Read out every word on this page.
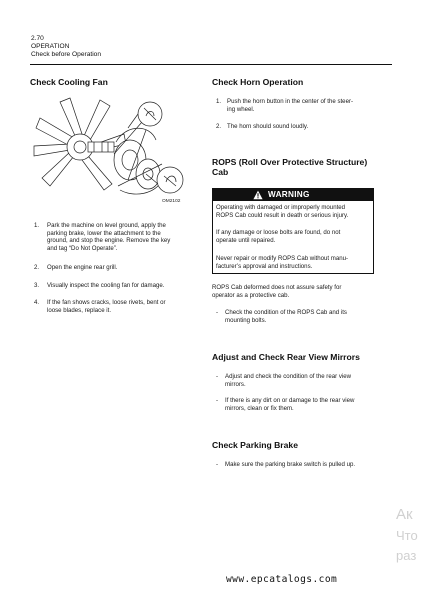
2.70
OPERATION
Check before Operation
Check Cooling Fan
OM2102
1. Park the machine on level ground, apply the
parking brake, lower the attachment to the
ground, and stop the engine. Remove the key
and tag “Do Not Operate”.
2. Open the engine rear grill.
3. Visually inspect the cooling fan for damage.
4. If the fan shows cracks, loose rivets, bent or
loose blades, replace it.
Check Horn Operation
1. Push the horn button in the center of the steer-
ing wheel.
2. The horn should sound loudly.
ROPS (Roll Over Protective Structure)
Cab
WARNING
Operating with damaged or improperly mounted
ROPS Cab could result in death or serious injury.
If any damage or loose bolts are found, do not
operate until repaired.
Never repair or modify ROPS Cab without manu-
facturer’s approval and instructions.
ROPS Cab deformed does not assure safety for
operator as a protective cab.
- Check the condition of the ROPS Cab and its
mounting bolts.
Adjust and Check Rear View Mirrors
- Adjust and check the condition of the rear view
mirrors.
- If there is any dirt on or damage to the rear view
mirrors, clean or fix them.
Check Parking Brake
- Make sure the parking brake switch is pulled up.
Ак
Что
раз
www.epcatalogs.com
